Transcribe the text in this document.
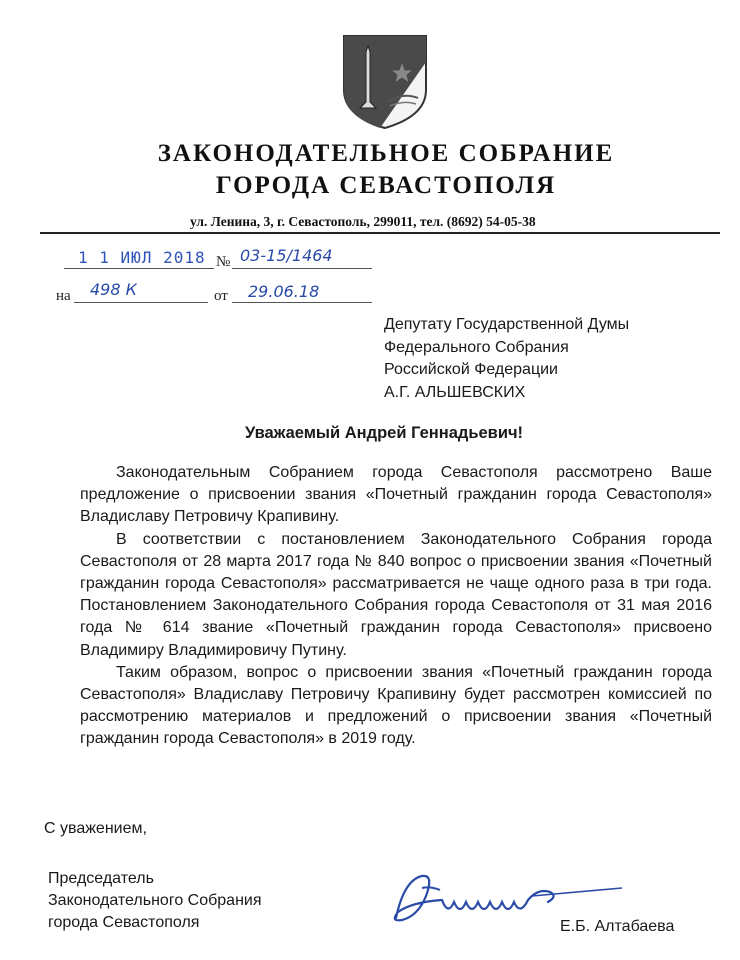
ЗАКОНОДАТЕЛЬНОЕ СОБРАНИЕ
ГОРОДА СЕВАСТОПОЛЯ
ул. Ленина, 3, г. Севастополь, 299011, тел. (8692) 54-05-38
1 1 ИЮЛ 2018 № 03-15/1464
на 498 К	от 29.06.18
Депутату Государственной Думы
Федерального Собрания
Российской Федерации
А.Г. АЛЬШЕВСКИХ
Уважаемый Андрей Геннадьевич!

Законодательным Собранием города Севастополя рассмотрено Ваше предложение о присвоении звания «Почетный гражданин города Севастополя» Владиславу Петровичу Крапивину.

В соответствии с постановлением Законодательного Собрания города Севастополя от 28 марта 2017 года № 840 вопрос о присвоении звания «Почетный гражданин города Севастополя» рассматривается не чаще одного раза в три года. Постановлением Законодательного Собрания города Севастополя от 31 мая 2016 года № 614 звание «Почетный гражданин города Севастополя» присвоено Владимиру Владимировичу Путину.

Таким образом, вопрос о присвоении звания «Почетный гражданин города Севастополя» Владиславу Петровичу Крапивину будет рассмотрен комиссией по рассмотрению материалов и предложений о присвоении звания «Почетный гражданин города Севастополя» в 2019 году.

С уважением,
Председатель
Законодательного Собрания
города Севастополя	Е.Б. Алтабаева
